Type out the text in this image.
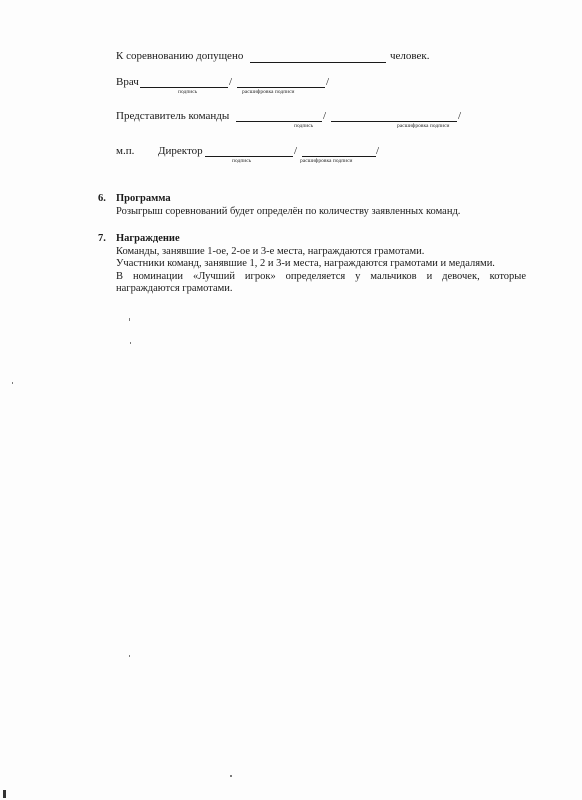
К соревнованию допущено	человек.
Врач	/	/
подпись	расшифровка подписи
Представитель команды	/	/
подпись	расшифровка подписи
м.п. Директор	/	/
подпись	расшифровка подписи
6. Программа
Розыгрыш соревнований будет определён по количеству заявленных команд.
7. Награждение

Команды, занявшие 1-ое, 2-ое и 3-е места, награждаются грамотами.

Участники команд, занявшие 1, 2 и 3-и места, награждаются грамотами и медалями.

В номинации «Лучший игрок» определяется у мальчиков и девочек, которые награждаются грамотами.
